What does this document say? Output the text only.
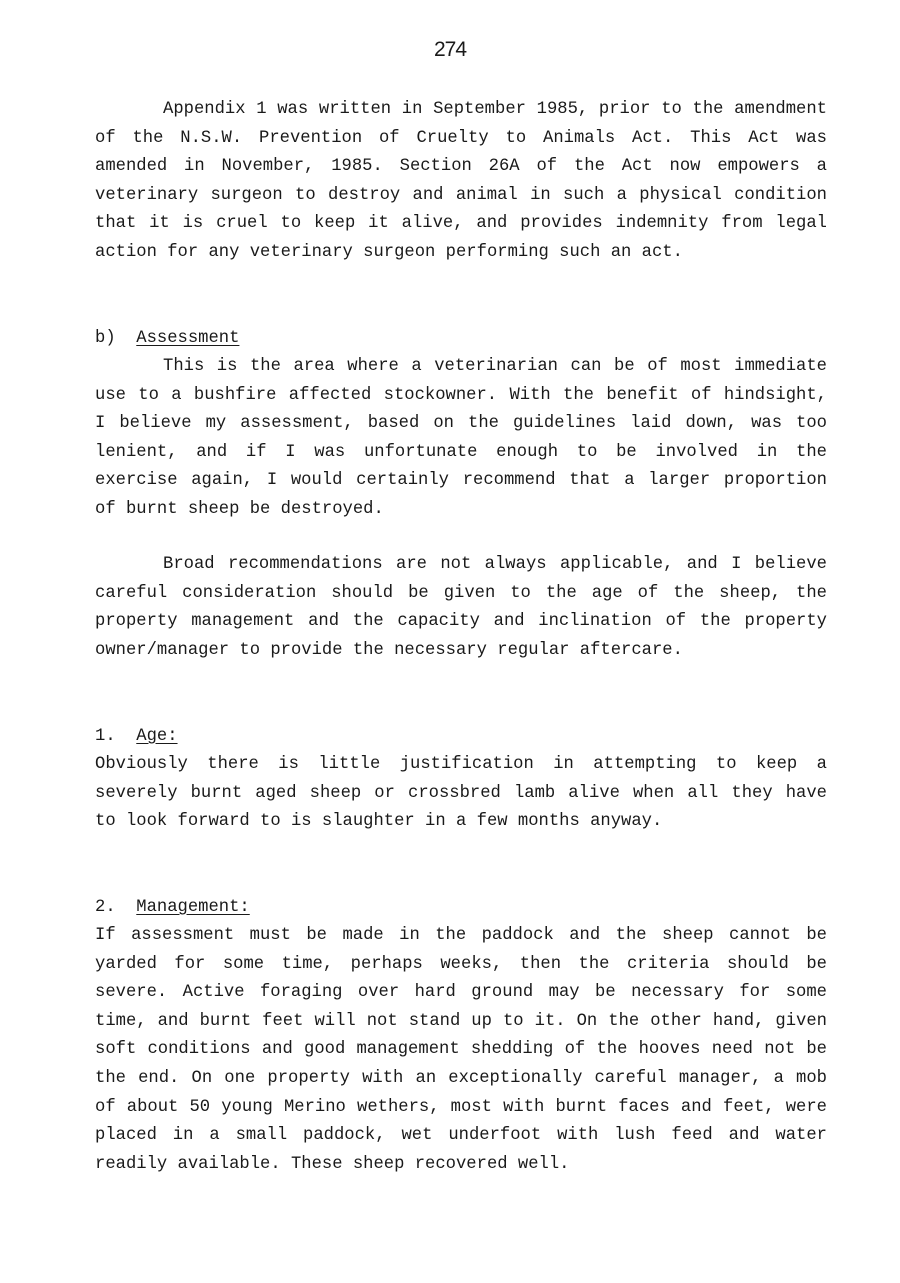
274

Appendix 1 was written in September 1985, prior to the amendment of the N.S.W. Prevention of Cruelty to Animals Act. This Act was amended in November, 1985. Section 26A of the Act now empowers a veterinary surgeon to destroy and animal in such a physical condition that it is cruel to keep it alive, and provides indemnity from legal action for any veterinary surgeon performing such an act.

b) Assessment

This is the area where a veterinarian can be of most immediate use to a bushfire affected stockowner. With the benefit of hindsight, I believe my assessment, based on the guidelines laid down, was too lenient, and if I was unfortunate enough to be involved in the exercise again, I would certainly recommend that a larger proportion of burnt sheep be destroyed.

Broad recommendations are not always applicable, and I believe careful consideration should be given to the age of the sheep, the property management and the capacity and inclination of the property owner/manager to provide the necessary regular aftercare.

1. Age:

Obviously there is little justification in attempting to keep a severely burnt aged sheep or crossbred lamb alive when all they have to look forward to is slaughter in a few months anyway.

2. Management:

If assessment must be made in the paddock and the sheep cannot be yarded for some time, perhaps weeks, then the criteria should be severe. Active foraging over hard ground may be necessary for some time, and burnt feet will not stand up to it. On the other hand, given soft conditions and good management shedding of the hooves need not be the end. On one property with an exceptionally careful manager, a mob of about 50 young Merino wethers, most with burnt faces and feet, were placed in a small paddock, wet underfoot with lush feed and water readily available. These sheep recovered well.
